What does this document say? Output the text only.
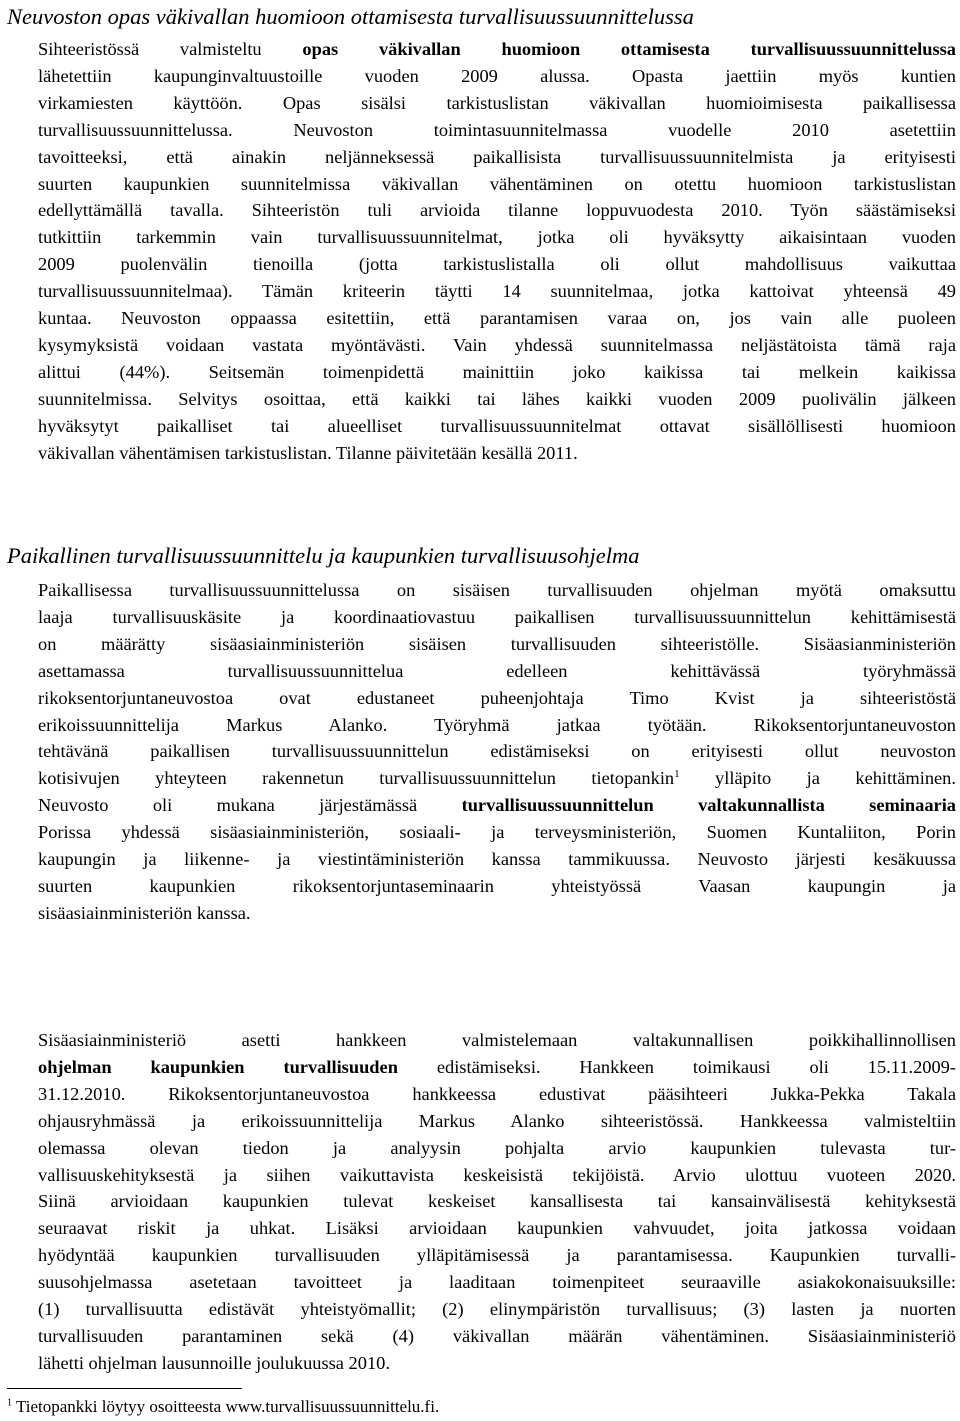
Neuvoston opas väkivallan huomioon ottamisesta turvallisuussuunnittelussa

Sihteeristössä valmisteltu opas väkivallan huomioon ottamisesta turvallisuussuunnittelussa
lähetettiin kaupunginvaltuustoille vuoden 2009 alussa. Opasta jaettiin myös kuntien
virkamiesten käyttöön. Opas sisälsi tarkistuslistan väkivallan huomioimisesta paikallisessa
turvallisuussuunnittelussa. Neuvoston toimintasuunnitelmassa vuodelle 2010 asetettiin
tavoitteeksi, että ainakin neljänneksessä paikallisista turvallisuussuunnitelmista ja erityisesti
suurten kaupunkien suunnitelmissa väkivallan vähentäminen on otettu huomioon tarkistuslistan
edellyttämällä tavalla. Sihteeristön tuli arvioida tilanne loppuvuodesta 2010. Työn säästämiseksi
tutkittiin tarkemmin vain turvallisuussuunnitelmat, jotka oli hyväksytty aikaisintaan vuoden
2009 puolenvälin tienoilla (jotta tarkistuslistalla oli ollut mahdollisuus vaikuttaa
turvallisuussuunnitelmaa). Tämän kriteerin täytti 14 suunnitelmaa, jotka kattoivat yhteensä 49
kuntaa. Neuvoston oppaassa esitettiin, että parantamisen varaa on, jos vain alle puoleen
kysymyksistä voidaan vastata myöntävästi. Vain yhdessä suunnitelmassa neljästätoista tämä raja
alittui (44%). Seitsemän toimenpidettä mainittiin joko kaikissa tai melkein kaikissa
suunnitelmissa. Selvitys osoittaa, että kaikki tai lähes kaikki vuoden 2009 puolivälin jälkeen
hyväksytyt paikalliset tai alueelliset turvallisuussuunnitelmat ottavat sisällöllisesti huomioon
väkivallan vähentämisen tarkistuslistan. Tilanne päivitetään kesällä 2011.

Paikallinen turvallisuussuunnittelu ja kaupunkien turvallisuusohjelma

Paikallisessa turvallisuussuunnittelussa on sisäisen turvallisuuden ohjelman myötä omaksuttu
laaja turvallisuuskäsite ja koordinaatiovastuu paikallisen turvallisuussuunnittelun kehittämisestä
on määrätty sisäasiainministeriön sisäisen turvallisuuden sihteeristölle. Sisäasianministeriön
asettamassa turvallisuussuunnittelua edelleen kehittävässä työryhmässä
rikoksentorjuntaneuvostoa ovat edustaneet puheenjohtaja Timo Kvist ja sihteeristöstä
erikoissuunnittelija Markus Alanko. Työryhmä jatkaa työtään. Rikoksentorjuntaneuvoston
tehtävänä paikallisen turvallisuussuunnittelun edistämiseksi on erityisesti ollut neuvoston
kotisivujen yhteyteen rakennetun turvallisuussuunnittelun tietopankin$^1$ ylläpito ja kehittäminen.
Neuvosto oli mukana järjestämässä turvallisuussuunnittelun valtakunnallista seminaaria
Porissa yhdessä sisäasiainministeriön, sosiaali- ja terveysministeriön, Suomen Kuntaliiton, Porin
kaupungin ja liikenne- ja viestintäministeriön kanssa tammikuussa. Neuvosto järjesti kesäkuussa
suurten kaupunkien rikoksentorjuntaseminaarin yhteistyössä Vaasan kaupungin ja
sisäasiainministeriön kanssa.

Sisäasiainministeriö asetti hankkeen valmistelemaan valtakunnallisen poikkihallinnollisen
ohjelman kaupunkien turvallisuuden edistämiseksi. Hankkeen toimikausi oli 15.11.2009-
31.12.2010. Rikoksentorjuntaneuvostoa hankkeessa edustivat pääsihteeri Jukka-Pekka Takala
ohjausryhmässä ja erikoissuunnittelija Markus Alanko sihteeristössä. Hankkeessa valmisteltiin
olemassa olevan tiedon ja analyysin pohjalta arvio kaupunkien tulevasta tur-
vallisuuskehityksestä ja siihen vaikuttavista keskeisistä tekijöistä. Arvio ulottuu vuoteen 2020.
Siinä arvioidaan kaupunkien tulevat keskeiset kansallisesta tai kansainvälisestä kehityksestä
seuraavat riskit ja uhkat. Lisäksi arvioidaan kaupunkien vahvuudet, joita jatkossa voidaan
hyödyntää kaupunkien turvallisuuden ylläpitämisessä ja parantamisessa. Kaupunkien turvalli-
suusohjelmassa asetetaan tavoitteet ja laaditaan toimenpiteet seuraaville asiakokonaisuuksille:
(1) turvallisuutta edistävät yhteistyömallit; (2) elinympäristön turvallisuus; (3) lasten ja nuorten
turvallisuuden parantaminen sekä (4) väkivallan määrän vähentäminen. Sisäasiainministeriö
lähetti ohjelman lausunnoille joulukuussa 2010.

$^1$ Tietopankki löytyy osoitteesta www.turvallisuussuunnittelu.fi.
